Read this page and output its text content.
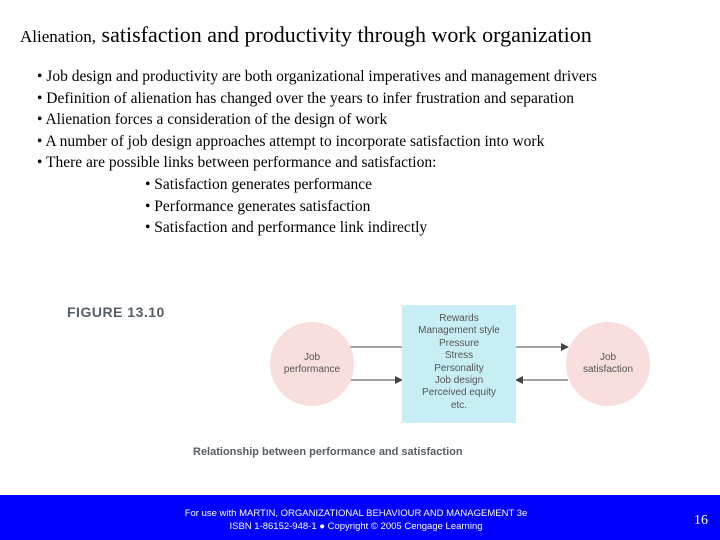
Alienation, satisfaction and productivity through work organization
• Job design and productivity are both organizational imperatives and management drivers
• Definition of alienation has changed over the years to infer frustration and separation
• Alienation forces a consideration of the design of work
• A number of job design approaches attempt to incorporate satisfaction into work
• There are possible links between performance and satisfaction:
• Satisfaction generates performance
• Performance generates satisfaction
• Satisfaction and performance link indirectly
FIGURE 13.10
Job
performance
Rewards
Management style
Pressure
Stress
Personality
Job design
Perceived equity
etc.
Job
satisfaction
Relationship between performance and satisfaction
For use with MARTIN, ORGANIZATIONAL BEHAVIOUR AND MANAGEMENT 3e
ISBN 1-86152-948-1 ● Copyright © 2005 Cengage Learning	16
